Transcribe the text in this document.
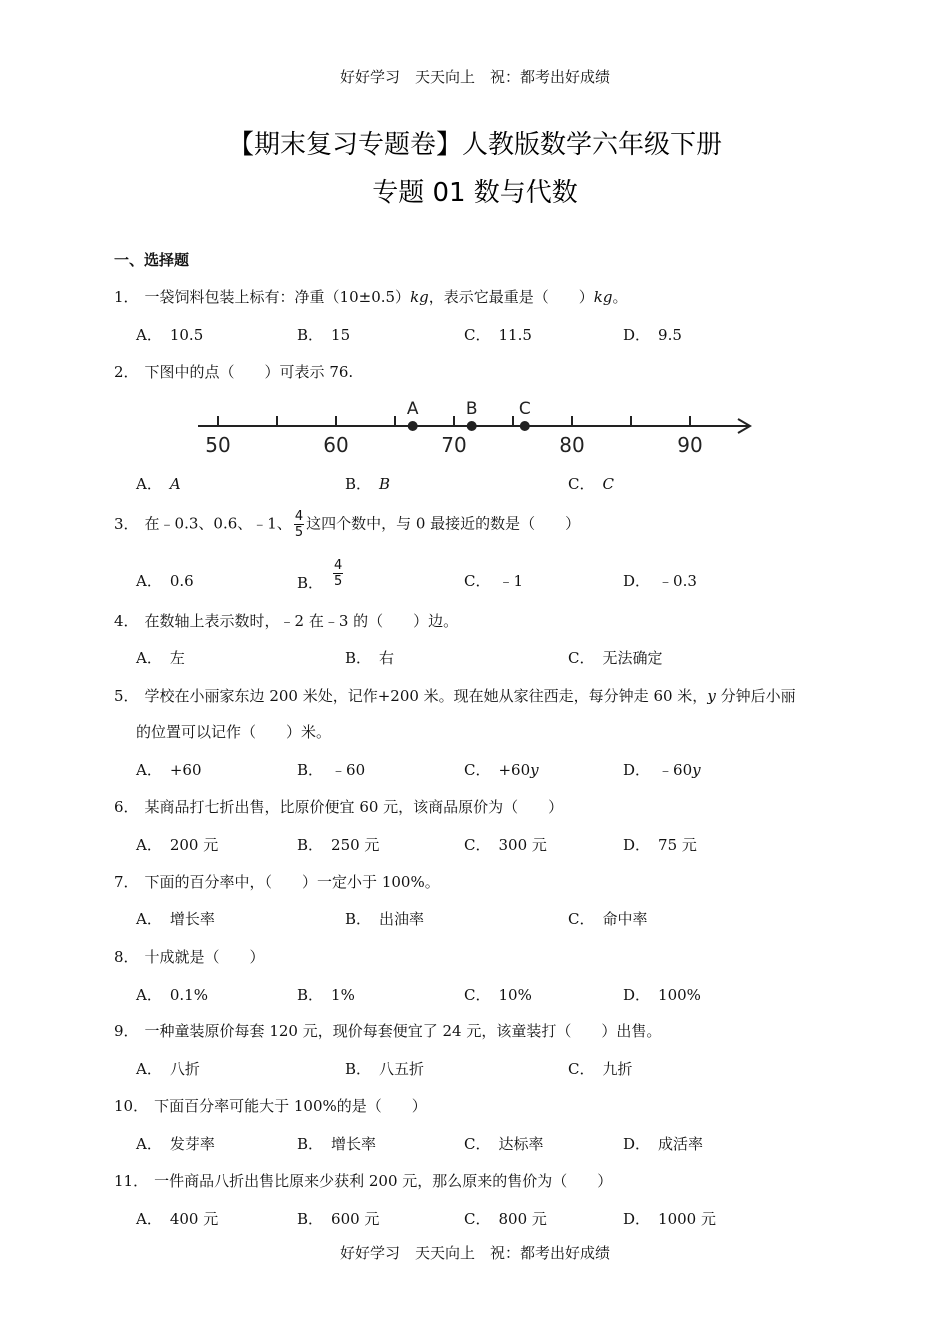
好好学习　天天向上　祝：都考出好成绩
【期末复习专题卷】人教版数学六年级下册
专题 01 数与代数
一、选择题
1． 一袋饲料包装上标有：净重（10±0.5）kg，表示它最重是（　　）kg。
A． 10.5	B． 15	C． 11.5	D． 9.5
2． 下图中的点（　　）可表示 76.
50	60	70	80	90
A	B C
A． A	B． B	C． C
3． 在﹣0.3、0.6、﹣1、 $\frac{4}{5}$ 这四个数中，与 0 最接近的数是（　　）
A． 0.6	B． $\frac{4}{5}$	C． ﹣1	D． ﹣0.3
4． 在数轴上表示数时，﹣2 在﹣3 的（　　）边。
A． 左	B． 右	C． 无法确定
5． 学校在小丽家东边 200 米处，记作+200 米。现在她从家往西走，每分钟走 60 米，y 分钟后小丽
的位置可以记作（　　）米。
A． +60	B． ﹣60	C． +60y	D． ﹣60y
6． 某商品打七折出售，比原价便宜 60 元，该商品原价为（　　）
A． 200 元	B． 250 元	C． 300 元	D． 75 元
7． 下面的百分率中，（　　）一定小于 100%。
A． 增长率	B． 出油率	C． 命中率
8． 十成就是（　　）
A． 0.1%	B． 1%	C． 10%	D． 100%
9． 一种童装原价每套 120 元，现价每套便宜了 24 元，该童装打（　　）出售。
A． 八折	B． 八五折	C． 九折
10． 下面百分率可能大于 100%的是（　　）
A． 发芽率	B． 增长率	C． 达标率	D． 成活率
11． 一件商品八折出售比原来少获利 200 元，那么原来的售价为（　　）
A． 400 元	B． 600 元	C． 800 元	D． 1000 元
好好学习　天天向上　祝：都考出好成绩
